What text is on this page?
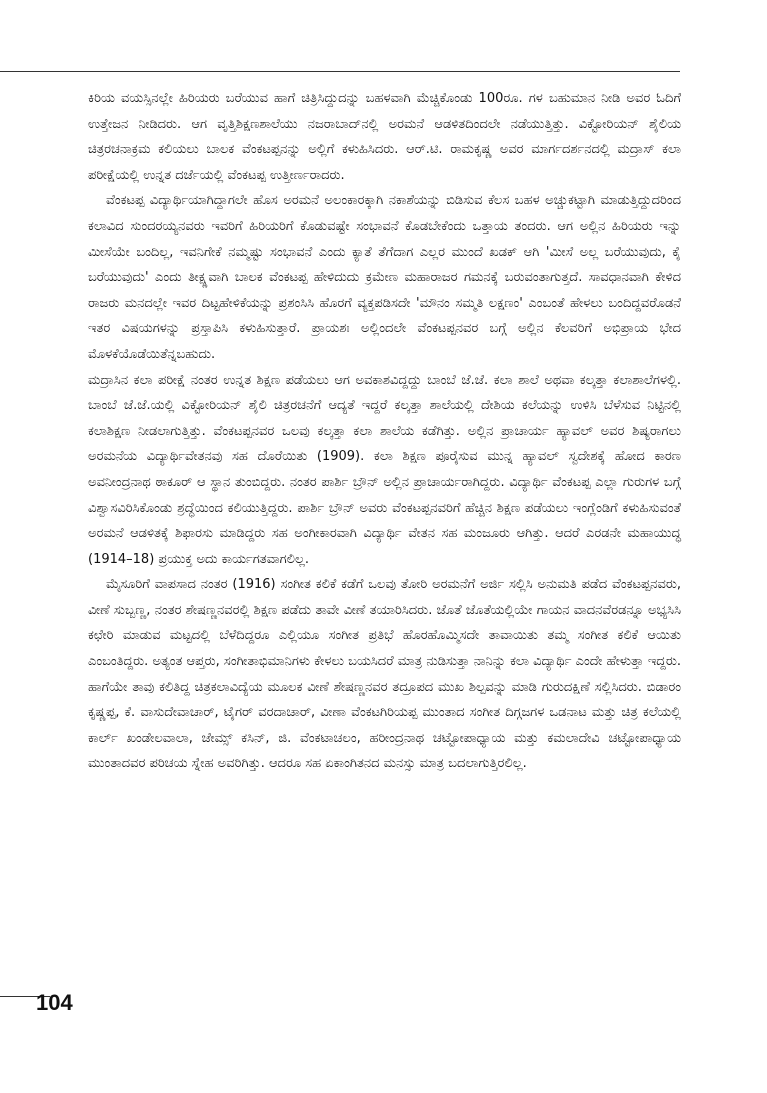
ಕಿರಿಯ ವಯಸ್ಸಿನಲ್ಲೇ ಹಿರಿಯರು ಬರೆಯುವ ಹಾಗೆ ಚಿತ್ರಿಸಿದ್ದುದನ್ನು ಬಹಳವಾಗಿ ಮೆಚ್ಚಿಕೊಂಡು 100ರೂ. ಗಳ ಬಹುಮಾನ ನೀಡಿ ಅವರ ಓದಿಗೆ ಉತ್ತೇಜನ ನೀಡಿದರು. ಆಗ ವೃತ್ತಿಶಿಕ್ಷಣಶಾಲೆಯು ನಜರಾಬಾದ್‌ನಲ್ಲಿ ಅರಮನೆ ಆಡಳಿತದಿಂದಲೇ ನಡೆಯುತ್ತಿತ್ತು. ವಿಕ್ಟೋರಿಯನ್ ಶೈಲಿಯ ಚಿತ್ರರಚನಾಕ್ರಮ ಕಲಿಯಲು ಬಾಲಕ ವೆಂಕಟಪ್ಪನನ್ನು ಅಲ್ಲಿಗೆ ಕಳುಹಿಸಿದರು. ಆರ್.ಟಿ. ರಾಮಕೃಷ್ಣ ಅವರ ಮಾರ್ಗದರ್ಶನದಲ್ಲಿ ಮದ್ರಾಸ್ ಕಲಾ ಪರೀಕ್ಷೆಯಲ್ಲಿ ಉನ್ನತ ದರ್ಜೆಯಲ್ಲಿ ವೆಂಕಟಪ್ಪ ಉತ್ತೀರ್ಣರಾದರು.

ವೆಂಕಟಪ್ಪ ವಿದ್ಯಾರ್ಥಿಯಾಗಿದ್ದಾಗಲೇ ಹೊಸ ಅರಮನೆ ಅಲಂಕಾರಕ್ಕಾಗಿ ನಕಾಶೆಯನ್ನು ಬಿಡಿಸುವ ಕೆಲಸ ಬಹಳ ಅಚ್ಚುಕಟ್ಟಾಗಿ ಮಾಡುತ್ತಿದ್ದುದರಿಂದ ಕಲಾವಿದ ಸುಂದರಯ್ಯನವರು ಇವರಿಗೆ ಹಿರಿಯರಿಗೆ ಕೊಡುವಷ್ಟೇ ಸಂಭಾವನೆ ಕೊಡಬೇಕೆಂದು ಒತ್ತಾಯ ತಂದರು. ಆಗ ಅಲ್ಲಿನ ಹಿರಿಯರು ಇನ್ನು ಮೀಸೆಯೇ ಬಂದಿಲ್ಲ, ಇವನಿಗೇಕೆ ನಮ್ಮಷ್ಟು ಸಂಭಾವನೆ ಎಂದು ಕ್ಯಾತೆ ತೆಗೆದಾಗ ಎಲ್ಲರ ಮುಂದೆ ಖಡಕ್ ಆಗಿ 'ಮೀಸೆ ಅಲ್ಲ ಬರೆಯುವುದು, ಕೈ ಬರೆಯುವುದು' ಎಂದು ತೀಕ್ಷ್ಣವಾಗಿ ಬಾಲಕ ವೆಂಕಟಪ್ಪ ಹೇಳಿದುದು ಕ್ರಮೇಣ ಮಹಾರಾಜರ ಗಮನಕ್ಕೆ ಬರುವಂತಾಗುತ್ತದೆ. ಸಾವಧಾನವಾಗಿ ಕೇಳಿದ ರಾಜರು ಮನದಲ್ಲೇ ಇವರ ದಿಟ್ಟಹೇಳಿಕೆಯನ್ನು ಪ್ರಶಂಸಿಸಿ ಹೊರಗೆ ವ್ಯಕ್ತಪಡಿಸದೇ 'ಮೌನಂ ಸಮ್ಮತಿ ಲಕ್ಷಣಂ' ಎಂಬಂತೆ ಹೇಳಲು ಬಂದಿದ್ದವರೊಡನೆ ಇತರ ವಿಷಯಗಳನ್ನು ಪ್ರಸ್ತಾಪಿಸಿ ಕಳುಹಿಸುತ್ತಾರೆ. ಪ್ರಾಯಶಃ ಅಲ್ಲಿಂದಲೇ ವೆಂಕಟಪ್ಪನವರ ಬಗ್ಗೆ ಅಲ್ಲಿನ ಕೆಲವರಿಗೆ ಅಭಿಪ್ರಾಯ ಭೇದ ಮೊಳಕೆಯೊಡೆಯಿತೆನ್ನಬಹುದು.

ಮದ್ರಾಸಿನ ಕಲಾ ಪರೀಕ್ಷೆ ನಂತರ ಉನ್ನತ ಶಿಕ್ಷಣ ಪಡೆಯಲು ಆಗ ಅವಕಾಶವಿದ್ದದ್ದು ಬಾಂಬೆ ಜೆ.ಜೆ. ಕಲಾ ಶಾಲೆ ಅಥವಾ ಕಲ್ಕತ್ತಾ ಕಲಾಶಾಲೆಗಳಲ್ಲಿ. ಬಾಂಬೆ ಜೆ.ಜೆ.ಯಲ್ಲಿ ವಿಕ್ಟೋರಿಯನ್ ಶೈಲಿ ಚಿತ್ರರಚನೆಗೆ ಆದ್ಯತೆ ಇದ್ದರೆ ಕಲ್ಕತ್ತಾ ಶಾಲೆಯಲ್ಲಿ ದೇಶಿಯ ಕಲೆಯನ್ನು ಉಳಿಸಿ ಬೆಳೆಸುವ ನಿಟ್ಟಿನಲ್ಲಿ ಕಲಾಶಿಕ್ಷಣ ನೀಡಲಾಗುತ್ತಿತ್ತು. ವೆಂಕಟಪ್ಪನವರ ಒಲವು ಕಲ್ಕತ್ತಾ ಕಲಾ ಶಾಲೆಯ ಕಡೆಗಿತ್ತು. ಅಲ್ಲಿನ ಪ್ರಾಚಾರ್ಯ ಹ್ಯಾವಲ್ ಅವರ ಶಿಷ್ಯರಾಗಲು ಅರಮನೆಯ ವಿದ್ಯಾರ್ಥಿವೇತನವು ಸಹ ದೊರೆಯಿತು (1909). ಕಲಾ ಶಿಕ್ಷಣ ಪೂರೈಸುವ ಮುನ್ನ ಹ್ಯಾವಲ್ ಸ್ವದೇಶಕ್ಕೆ ಹೋದ ಕಾರಣ ಅವನೀಂದ್ರನಾಥ ಠಾಕೂರ್ ಆ ಸ್ಥಾನ ತುಂಬಿದ್ದರು. ನಂತರ ಪಾರ್ಶಿ ಬ್ರೌನ್ ಅಲ್ಲಿನ ಪ್ರಾಚಾರ್ಯರಾಗಿದ್ದರು. ವಿದ್ಯಾರ್ಥಿ ವೆಂಕಟಪ್ಪ ಎಲ್ಲಾ ಗುರುಗಳ ಬಗ್ಗೆ ವಿಶ್ವಾಸವಿರಿಸಿಕೊಂಡು ಶ್ರದ್ಧೆಯಿಂದ ಕಲಿಯುತ್ತಿದ್ದರು. ಪಾರ್ಶಿ ಬ್ರೌನ್ ಅವರು ವೆಂಕಟಪ್ಪನವರಿಗೆ ಹೆಚ್ಚಿನ ಶಿಕ್ಷಣ ಪಡೆಯಲು ಇಂಗ್ಲೆಂಡಿಗೆ ಕಳುಹಿಸುವಂತೆ ಅರಮನೆ ಆಡಳಿತಕ್ಕೆ ಶಿಫಾರಸು ಮಾಡಿದ್ದರು ಸಹ ಅಂಗೀಕಾರವಾಗಿ ವಿದ್ಯಾರ್ಥಿ ವೇತನ ಸಹ ಮಂಜೂರು ಆಗಿತ್ತು. ಆದರೆ ಎರಡನೇ ಮಹಾಯುದ್ಧ (1914–18) ಪ್ರಯುಕ್ತ ಅದು ಕಾರ್ಯಗತವಾಗಲಿಲ್ಲ.

ಮೈಸೂರಿಗೆ ವಾಪಸಾದ ನಂತರ (1916) ಸಂಗೀತ ಕಲಿಕೆ ಕಡೆಗೆ ಒಲವು ತೋರಿ ಅರಮನೆಗೆ ಅರ್ಜಿ ಸಲ್ಲಿಸಿ ಅನುಮತಿ ಪಡೆದ ವೆಂಕಟಪ್ಪನವರು, ವೀಣೆ ಸುಬ್ಬಣ್ಣ, ನಂತರ ಶೇಷಣ್ಣನವರಲ್ಲಿ ಶಿಕ್ಷಣ ಪಡೆದು ತಾವೇ ವೀಣೆ ತಯಾರಿಸಿದರು. ಜೊತೆ ಜೊತೆಯಲ್ಲಿಯೇ ಗಾಯನ ವಾದನವೆರಡನ್ನೂ ಅಭ್ಯಸಿಸಿ ಕಛೇರಿ ಮಾಡುವ ಮಟ್ಟದಲ್ಲಿ ಬೆಳೆದಿದ್ದರೂ ಎಲ್ಲಿಯೂ ಸಂಗೀತ ಪ್ರತಿಭೆ ಹೊರಹೊಮ್ಮಿಸದೇ ತಾವಾಯಿತು ತಮ್ಮ ಸಂಗೀತ ಕಲಿಕೆ ಆಯಿತು ಎಂಬಂತಿದ್ದರು. ಅತ್ಯಂತ ಆಪ್ತರು, ಸಂಗೀತಾಭಿಮಾನಿಗಳು ಕೇಳಲು ಬಯಸಿದರೆ ಮಾತ್ರ ನುಡಿಸುತ್ತಾ ನಾನಿನ್ನು ಕಲಾ ವಿದ್ಯಾರ್ಥಿ ಎಂದೇ ಹೇಳುತ್ತಾ ಇದ್ದರು. ಹಾಗೆಯೇ ತಾವು ಕಲಿತಿದ್ದ ಚಿತ್ರಕಲಾವಿದ್ಯೆಯ ಮೂಲಕ ವೀಣೆ ಶೇಷಣ್ಣನವರ ತದ್ರೂಪದ ಮುಖ ಶಿಲ್ಪವನ್ನು ಮಾಡಿ ಗುರುದಕ್ಷಿಣೆ ಸಲ್ಲಿಸಿದರು. ಬಿಡಾರಂ ಕೃಷ್ಣಪ್ಪ, ಕೆ. ವಾಸುದೇವಾಚಾರ್, ಟೈಗರ್ ವರದಾಚಾರ್, ವೀಣಾ ವೆಂಕಟಗಿರಿಯಪ್ಪ ಮುಂತಾದ ಸಂಗೀತ ದಿಗ್ಗಜಗಳ ಒಡನಾಟ ಮತ್ತು ಚಿತ್ರ ಕಲೆಯಲ್ಲಿ ಕಾರ್ಲ್ ಖಂಡೇಲವಾಲಾ, ಜೇಮ್ಸ್ ಕಸಿನ್, ಜಿ. ವೆಂಕಟಾಚಲಂ, ಹರೀಂದ್ರನಾಥ ಚಟ್ಟೋಪಾಧ್ಯಾಯ ಮತ್ತು ಕಮಲಾದೇವಿ ಚಟ್ಟೋಪಾಧ್ಯಾಯ ಮುಂತಾದವರ ಪರಿಚಯ ಸ್ನೇಹ ಅವರಿಗಿತ್ತು. ಆದರೂ ಸಹ ಏಕಾಂಗಿತನದ ಮನಸ್ಸು ಮಾತ್ರ ಬದಲಾಗುತ್ತಿರಲಿಲ್ಲ.

104
